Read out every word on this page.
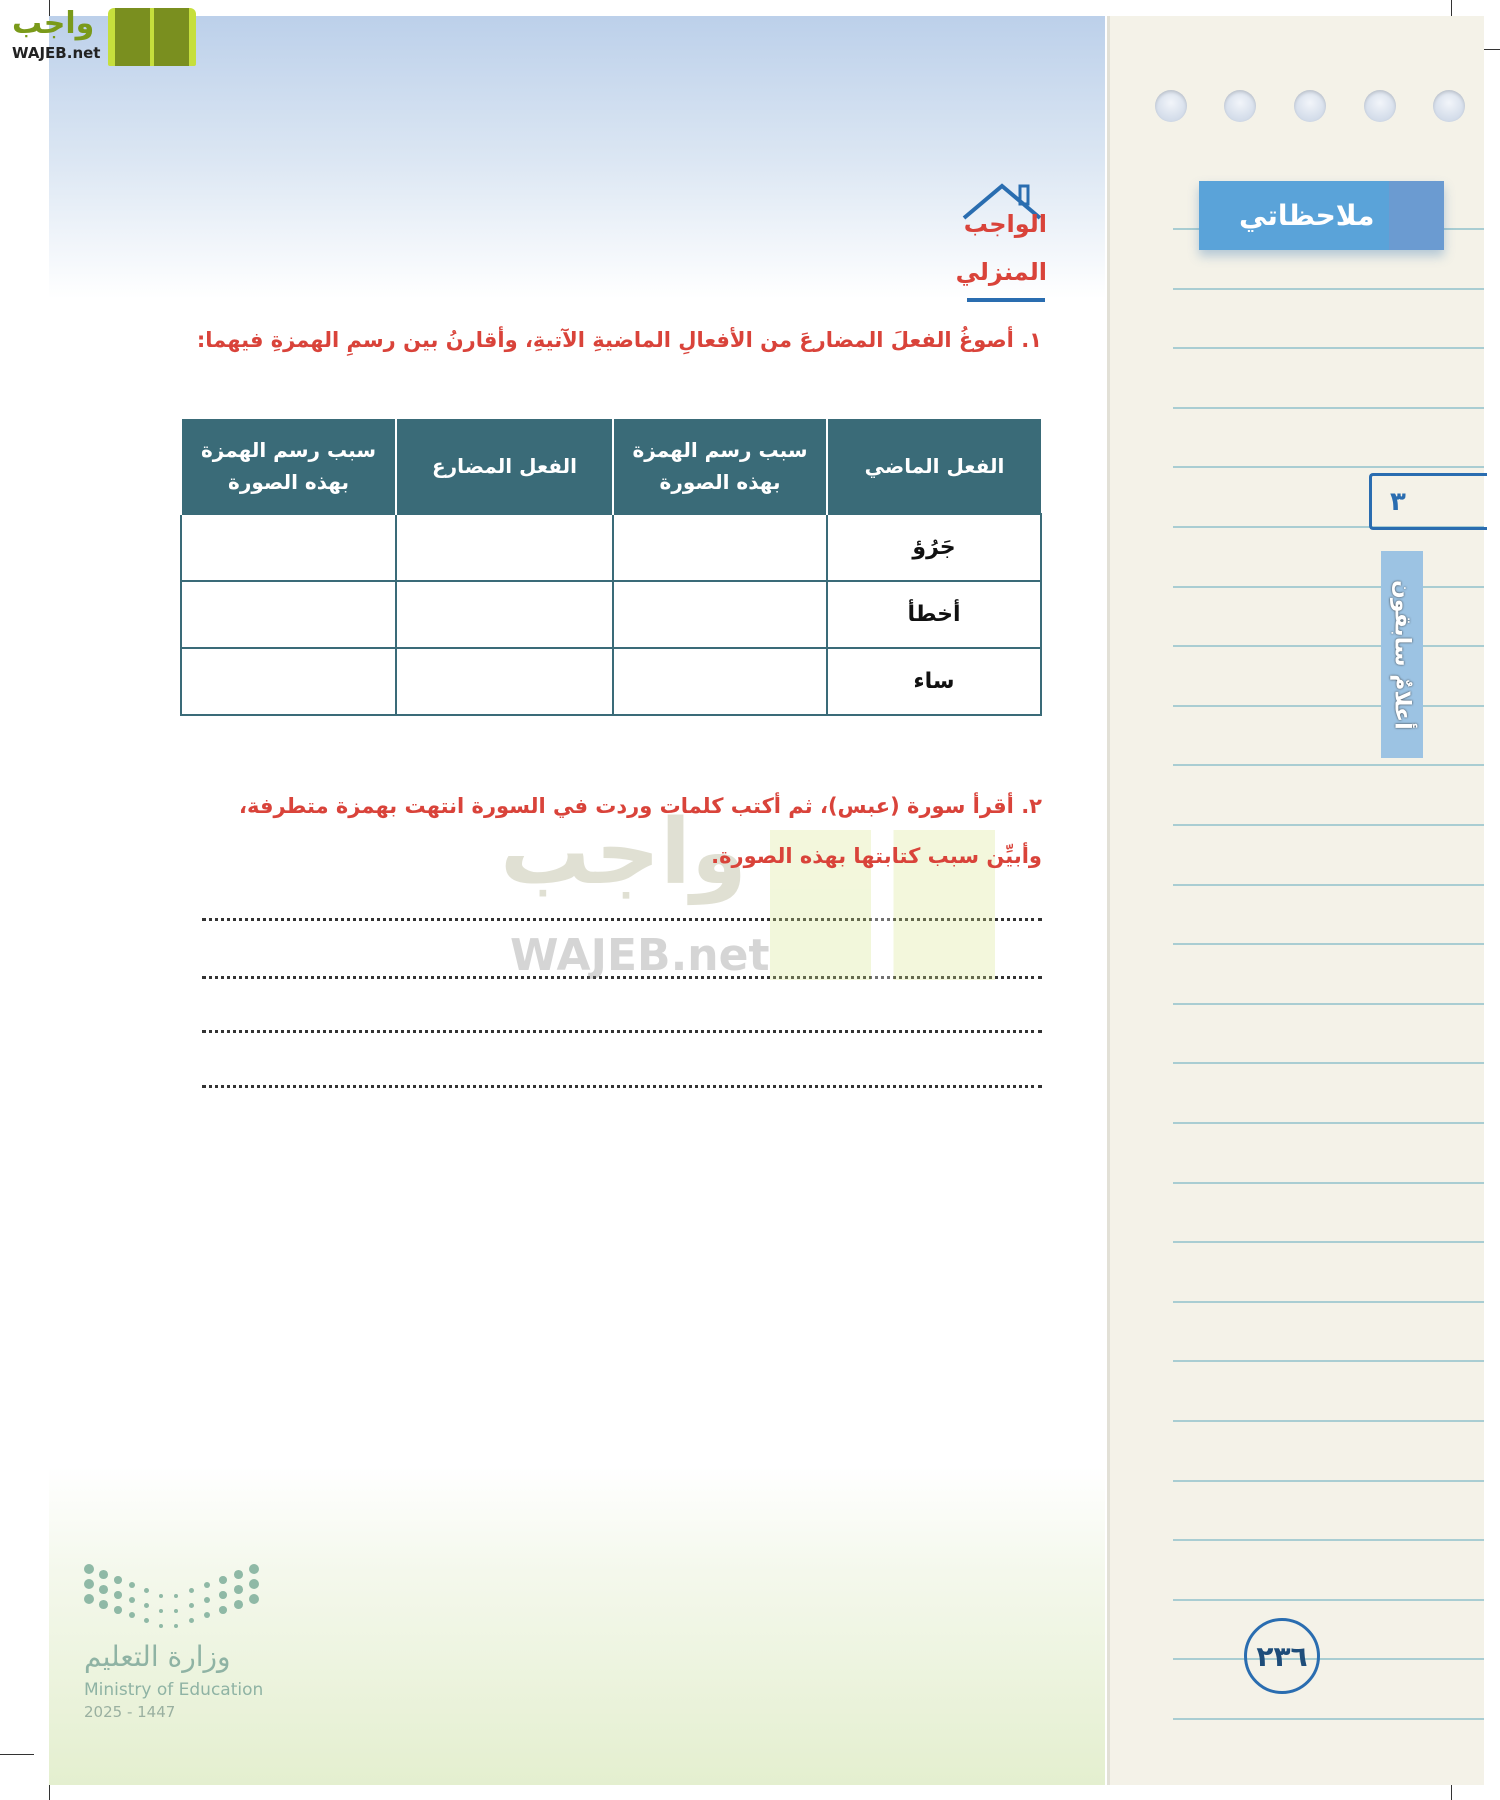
واجب
WAJEB.net
ملاحظاتي
٣
أعلامٌ سابقون
٢٣٦
الواجب
المنزلي
١. أصوغُ الفعلَ المضارعَ من الأفعالِ الماضيةِ الآتيةِ، وأقارنُ بين رسمِ الهمزةِ فيهما:
الفعل الماضي	سبب رسم الهمزة بهذه الصورة	الفعل المضارع	سبب رسم الهمزة بهذه الصورة
جَرُؤ			
أخطأ			
ساء			
واجب
WAJEB.net
٢. أقرأ سورة (عبس)، ثم أكتب كلمات وردت في السورة انتهت بهمزة متطرفة،
وأبيِّن سبب كتابتها بهذه الصورة.
وزارة التعليم
Ministry of Education
2025 - 1447
